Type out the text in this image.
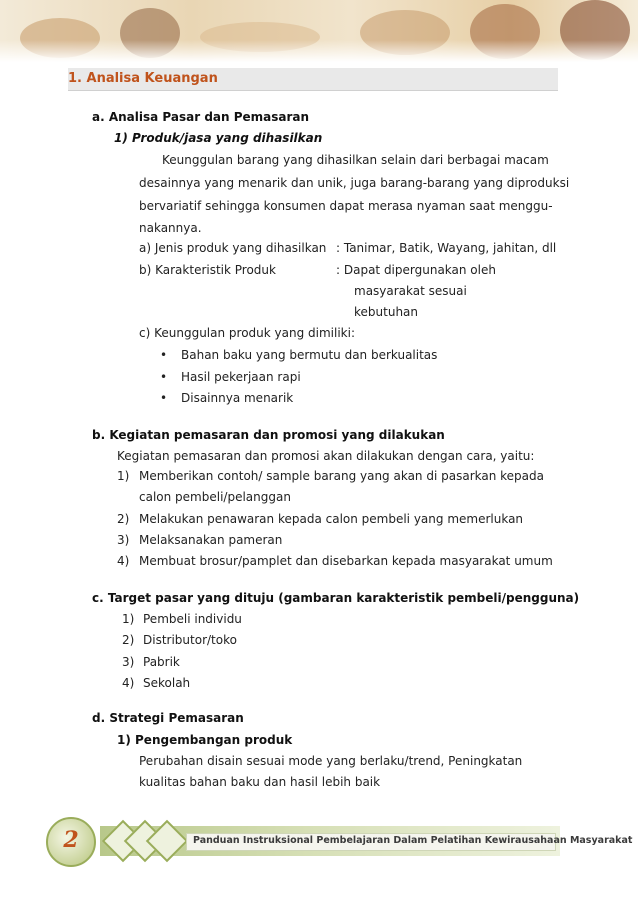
1. Analisa Keuangan
a. Analisa Pasar dan Pemasaran
1) Produk/jasa yang dihasilkan
Keunggulan barang yang dihasilkan selain dari berbagai macam
desainnya yang menarik dan unik, juga barang-barang yang diproduksi
bervariatif sehingga konsumen dapat merasa nyaman saat menggu-
nakannya.
a) Jenis produk yang dihasilkan : Tanimar, Batik, Wayang, jahitan, dll
b) Karakteristik Produk	: Dapat dipergunakan oleh
masyarakat sesuai
kebutuhan
c) Keunggulan produk yang dimiliki:
• Bahan baku yang bermutu dan berkualitas
• Hasil pekerjaan rapi
• Disainnya menarik
b. Kegiatan pemasaran dan promosi yang dilakukan
Kegiatan pemasaran dan promosi akan dilakukan dengan cara, yaitu:
1) Memberikan contoh/ sample barang yang akan di pasarkan kepada
calon pembeli/pelanggan
2) Melakukan penawaran kepada calon pembeli yang memerlukan
3) Melaksanakan pameran
4) Membuat brosur/pamplet dan disebarkan kepada masyarakat umum
c. Target pasar yang dituju (gambaran karakteristik pembeli/pengguna)
1) Pembeli individu
2) Distributor/toko
3) Pabrik
4) Sekolah
d. Strategi Pemasaran
1) Pengembangan produk
Perubahan disain sesuai mode yang berlaku/trend, Peningkatan
kualitas bahan baku dan hasil lebih baik
Panduan Instruksional Pembelajaran Dalam Pelatihan Kewirausahaan Masyarakat
2
